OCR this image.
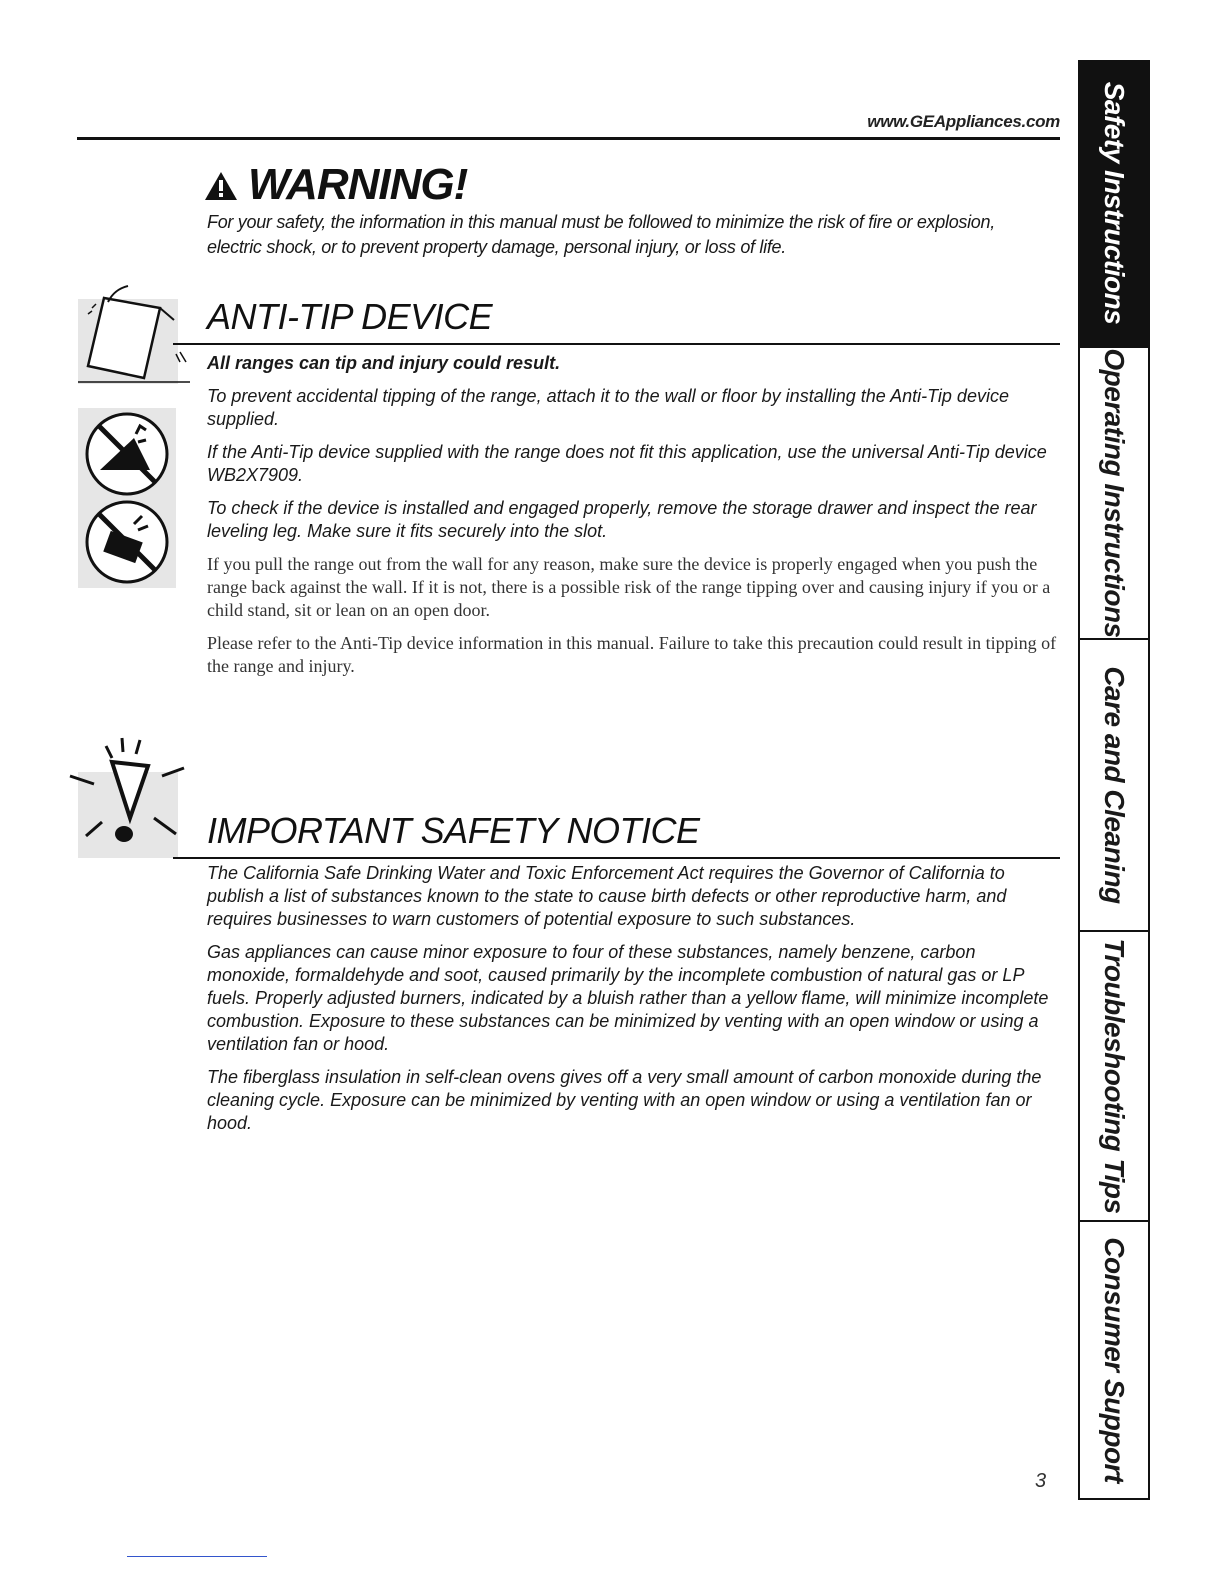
www.GEAppliances.com
WARNING!
For your safety, the information in this manual must be followed to minimize the risk of fire or explosion, electric shock, or to prevent property damage, personal injury, or loss of life.
ANTI-TIP DEVICE

All ranges can tip and injury could result.

To prevent accidental tipping of the range, attach it to the wall or floor by installing the Anti-Tip device supplied.

If the Anti-Tip device supplied with the range does not fit this application, use the universal Anti-Tip device WB2X7909.

To check if the device is installed and engaged properly, remove the storage drawer and inspect the rear leveling leg. Make sure it fits securely into the slot.

If you pull the range out from the wall for any reason, make sure the device is properly engaged when you push the range back against the wall. If it is not, there is a possible risk of the range tipping over and causing injury if you or a child stand, sit or lean on an open door.

Please refer to the Anti-Tip device information in this manual. Failure to take this precaution could result in tipping of the range and injury.

IMPORTANT SAFETY NOTICE

The California Safe Drinking Water and Toxic Enforcement Act requires the Governor of California to publish a list of substances known to the state to cause birth defects or other reproductive harm, and requires businesses to warn customers of potential exposure to such substances.

Gas appliances can cause minor exposure to four of these substances, namely benzene, carbon monoxide, formaldehyde and soot, caused primarily by the incomplete combustion of natural gas or LP fuels. Properly adjusted burners, indicated by a bluish rather than a yellow flame, will minimize incomplete combustion. Exposure to these substances can be minimized by venting with an open window or using a ventilation fan or hood.

The fiberglass insulation in self-clean ovens gives off a very small amount of carbon monoxide during the cleaning cycle. Exposure can be minimized by venting with an open window or using a ventilation fan or hood.

Safety Instructions
Operating Instructions
Care and Cleaning
Troubleshooting Tips
Consumer Support
3
